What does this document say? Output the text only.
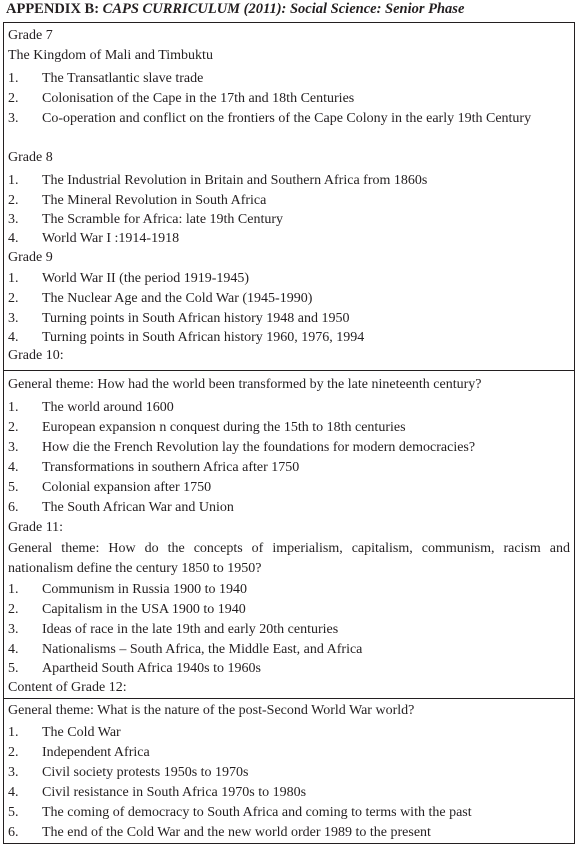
APPENDIX B: CAPS CURRICULUM (2011): Social Science: Senior Phase
Grade 7
The Kingdom of Mali and Timbuktu
1. The Transatlantic slave trade
2. Colonisation of the Cape in the 17th and 18th Centuries
3. Co-operation and conflict on the frontiers of the Cape Colony in the early 19th Century
Grade 8
1. The Industrial Revolution in Britain and Southern Africa from 1860s
2. The Mineral Revolution in South Africa
3. The Scramble for Africa: late 19th Century
4. World War I :1914-1918
Grade 9
1. World War II (the period 1919-1945)
2. The Nuclear Age and the Cold War (1945-1990)
3. Turning points in South African history 1948 and 1950
4. Turning points in South African history 1960, 1976, 1994
Grade 10:
General theme: How had the world been transformed by the late nineteenth century?
1. The world around 1600
2. European expansion n conquest during the 15th to 18th centuries
3. How die the French Revolution lay the foundations for modern democracies?
4. Transformations in southern Africa after 1750
5. Colonial expansion after 1750
6. The South African War and Union
Grade 11:
General theme: How do the concepts of imperialism, capitalism, communism, racism and nationalism define the century 1850 to 1950?
1. Communism in Russia 1900 to 1940
2. Capitalism in the USA 1900 to 1940
3. Ideas of race in the late 19th and early 20th centuries
4. Nationalisms – South Africa, the Middle East, and Africa
5. Apartheid South Africa 1940s to 1960s
Content of Grade 12:
General theme: What is the nature of the post-Second World War world?
1. The Cold War
2. Independent Africa
3. Civil society protests 1950s to 1970s
4. Civil resistance in South Africa 1970s to 1980s
5. The coming of democracy to South Africa and coming to terms with the past
6. The end of the Cold War and the new world order 1989 to the present
